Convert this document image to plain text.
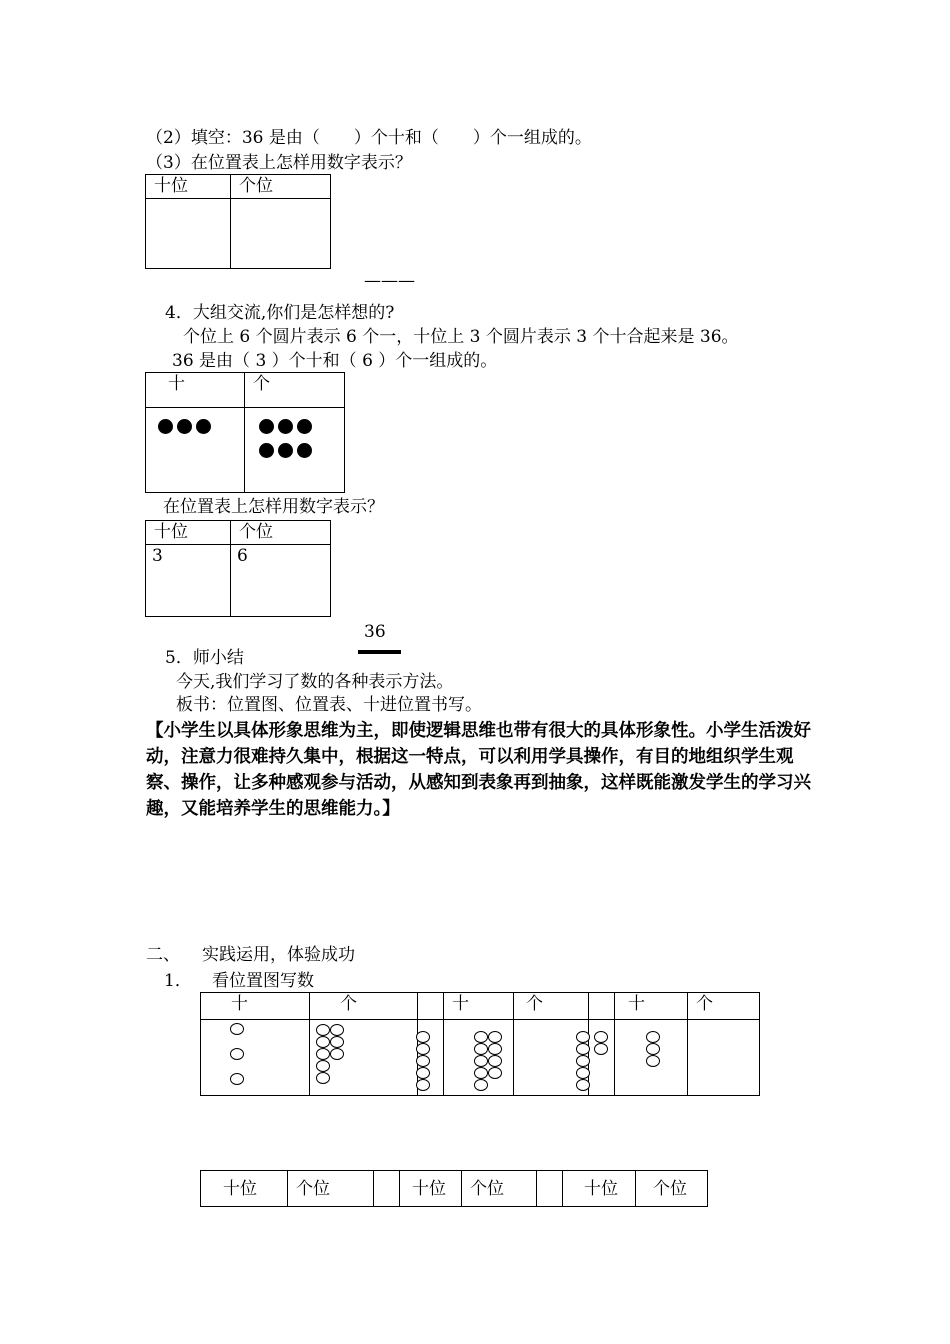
（2）填空：36 是由（　　）个十和（　　）个一组成的。
（3）在位置表上怎样用数字表示？
十位	个位

———
4．大组交流,你们是怎样想的?
个位上 6 个圆片表示 6 个一，十位上 3 个圆片表示 3 个十合起来是 36。
36 是由（ 3 ）个十和（ 6 ）个一组成的。
十	个

在位置表上怎样用数字表示？
十位	个位
3	6
36
5．师小结
今天,我们学习了数的各种表示方法。
板书：位置图、位置表、十进位置书写。
【小学生以具体形象思维为主，即使逻辑思维也带有很大的具体形象性。小学生活泼好动，注意力很难持久集中，根据这一特点，可以利用学具操作，有目的地组织学生观察、操作，让多种感观参与活动，从感知到表象再到抽象，这样既能激发学生的学习兴趣，又能培养学生的思维能力。】
二、 实践运用，体验成功
1． 看位置图写数
十	个		十	个		十	个

十位	个位		十位	个位		十位	个位
